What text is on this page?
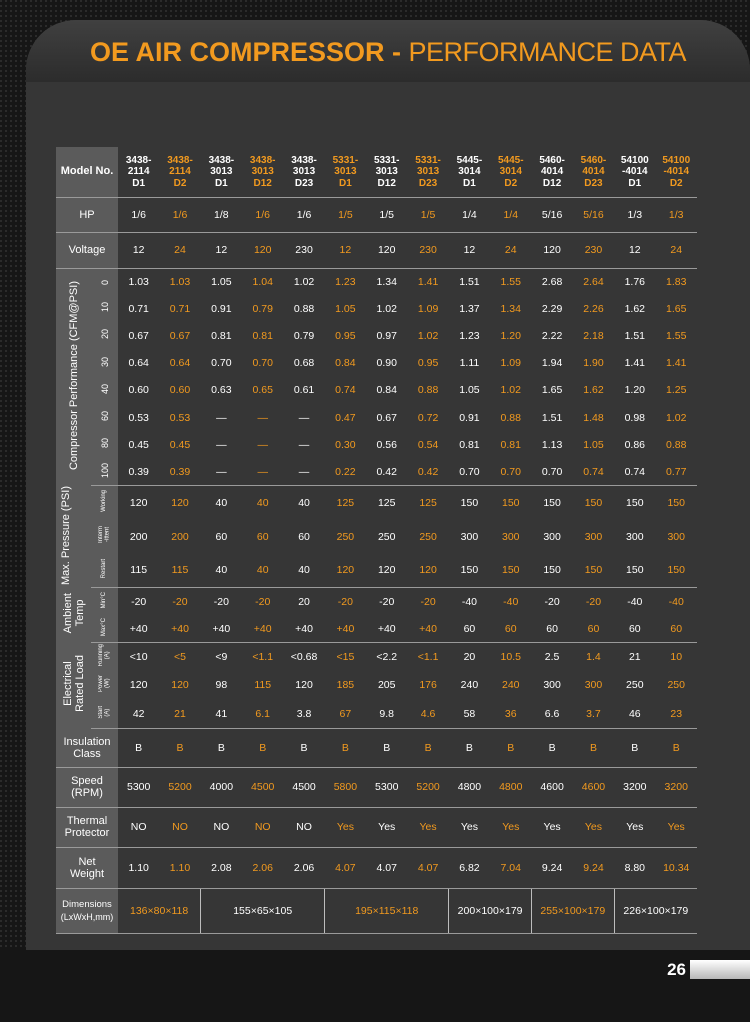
OE AIR COMPRESSOR - PERFORMANCE DATA
Model No.		3438-
2114
D1	3438-
2114
D2	3438-
3013
D1	3438-
3013
D12	3438-
3013
D23	5331-
3013
D1	5331-
3013
D12	5331-
3013
D23	5445-
3014
D1	5445-
3014
D2	5460-
4014
D12	5460-
4014
D23	54100
-4014
D1	54100
-4014
D2
HP		1/6	1/6	1/8	1/6	1/6	1/5	1/5	1/5	1/4	1/4	5/16	5/16	1/3	1/3
Voltage		12	24	12	120	230	12	120	230	12	24	120	230	12	24
Compressor Performance (CFM@PSI)	0	1.03	1.03	1.05	1.04	1.02	1.23	1.34	1.41	1.51	1.55	2.68	2.64	1.76	1.83
	10	0.71	0.71	0.91	0.79	0.88	1.05	1.02	1.09	1.37	1.34	2.29	2.26	1.62	1.65
	20	0.67	0.67	0.81	0.81	0.79	0.95	0.97	1.02	1.23	1.20	2.22	2.18	1.51	1.55
	30	0.64	0.64	0.70	0.70	0.68	0.84	0.90	0.95	1.11	1.09	1.94	1.90	1.41	1.41
	40	0.60	0.60	0.63	0.65	0.61	0.74	0.84	0.88	1.05	1.02	1.65	1.62	1.20	1.25
	60	0.53	0.53	—	—	—	0.47	0.67	0.72	0.91	0.88	1.51	1.48	0.98	1.02
	80	0.45	0.45	—	—	—	0.30	0.56	0.54	0.81	0.81	1.13	1.05	0.86	0.88
	100	0.39	0.39	—	—	—	0.22	0.42	0.42	0.70	0.70	0.70	0.74	0.74	0.77
Max. Pressure (PSI)	Working	120	120	40	40	40	125	125	125	150	150	150	150	150	150
	Interm
-ittent	200	200	60	60	60	250	250	250	300	300	300	300	300	300
	Restart	115	115	40	40	40	120	120	120	150	150	150	150	150	150
Ambient
Temp	Min°C	-20	-20	-20	-20	20	-20	-20	-20	-40	-40	-20	-20	-40	-40
	Max°C	+40	+40	+40	+40	+40	+40	+40	+40	60	60	60	60	60	60
Electrical
Rated Load	Running
(A)	<10	<5	<9	<1.1	<0.68	<15	<2.2	<1.1	20	10.5	2.5	1.4	21	10
	Power
(W)	120	120	98	115	120	185	205	176	240	240	300	300	250	250
	Start
(A)	42	21	41	6.1	3.8	67	9.8	4.6	58	36	6.6	3.7	46	23
Insulation
Class		B	B	B	B	B	B	B	B	B	B	B	B	B	B
Speed
(RPM)		5300	5200	4000	4500	4500	5800	5300	5200	4800	4800	4600	4600	3200	3200
Thermal
Protector		NO	NO	NO	NO	NO	Yes	Yes	Yes	Yes	Yes	Yes	Yes	Yes	Yes
Net
Weight		1.10	1.10	2.08	2.06	2.06	4.07	4.07	4.07	6.82	7.04	9.24	9.24	8.80	10.34
Dimensions
(LxWxH,mm)		136×80×118		155×65×105			195×115×118			200×100×179		255×100×179		226×100×179	
26
